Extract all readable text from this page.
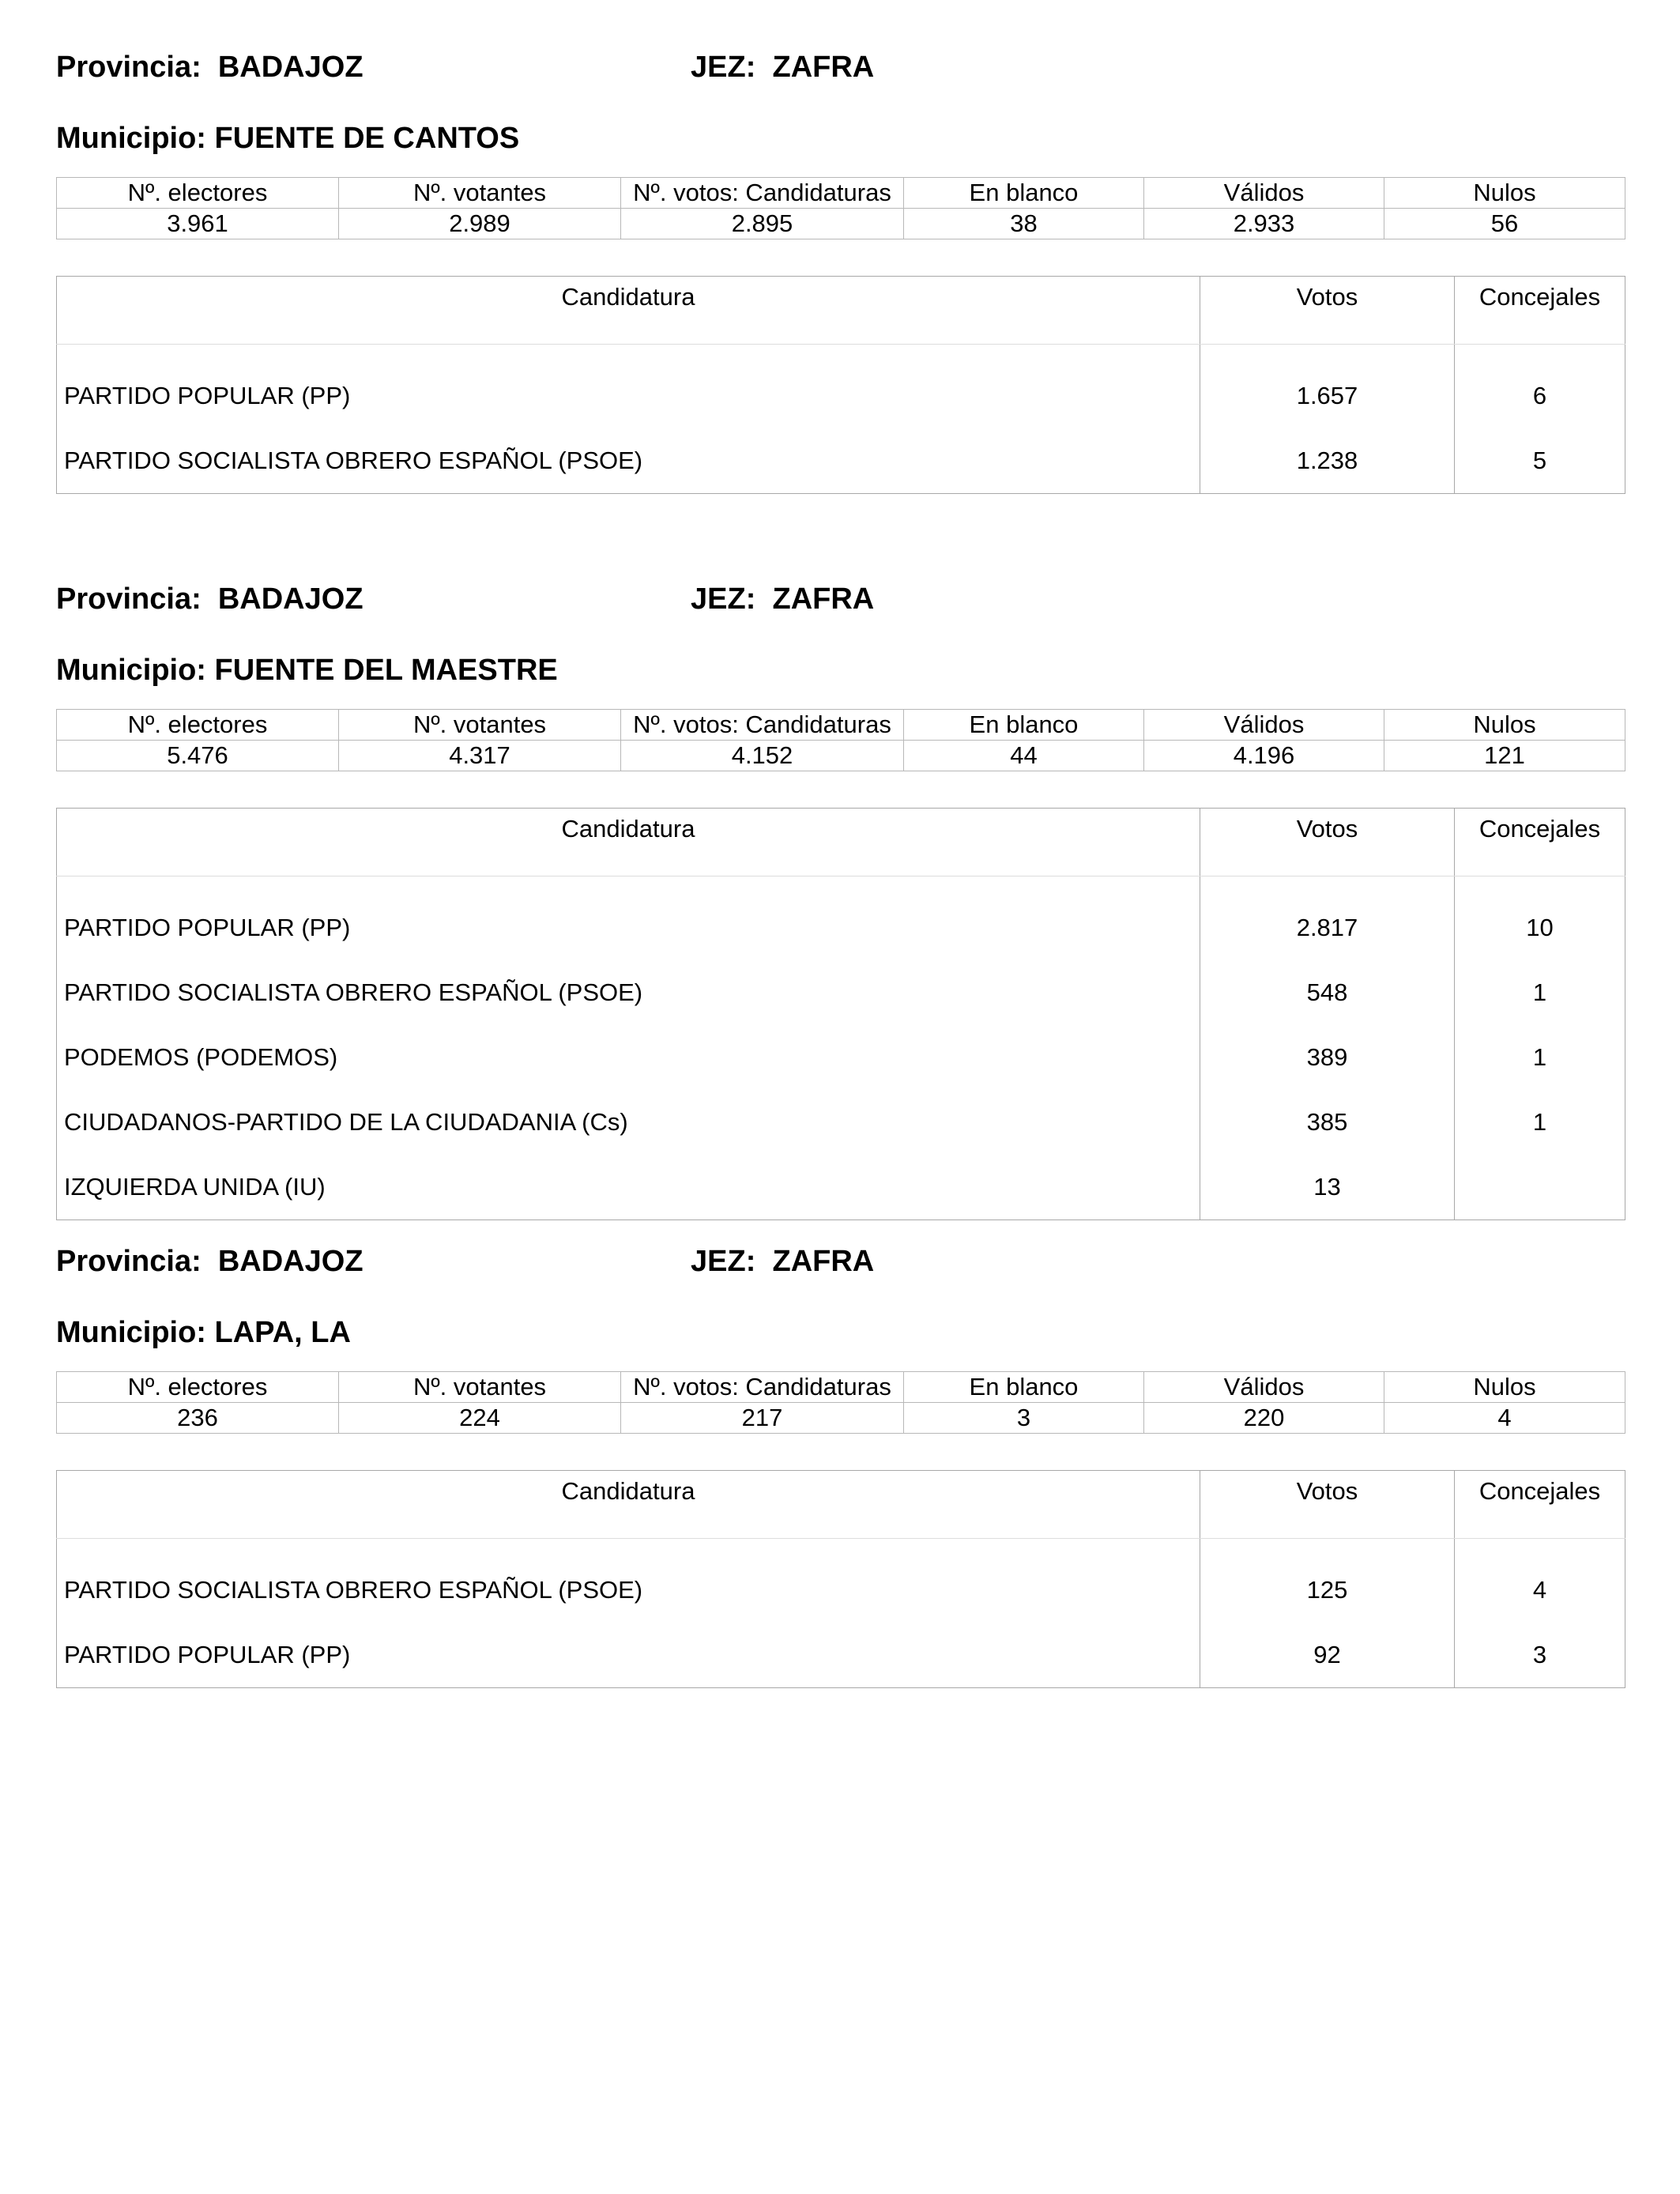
Provincia: BADAJOZ	JEZ: ZAFRA
Municipio: FUENTE DE CANTOS
Nº. electores	Nº. votantes	Nº. votos: Candidaturas	En blanco	Válidos	Nulos
3.961	2.989	2.895	38	2.933	56
Candidatura	Votos	Concejales

PARTIDO POPULAR (PP)	1.657	6
PARTIDO SOCIALISTA OBRERO ESPAÑOL (PSOE)	1.238	5
Provincia: BADAJOZ	JEZ: ZAFRA
Municipio: FUENTE DEL MAESTRE
Nº. electores	Nº. votantes	Nº. votos: Candidaturas	En blanco	Válidos	Nulos
5.476	4.317	4.152	44	4.196	121
Candidatura	Votos	Concejales

PARTIDO POPULAR (PP)	2.817	10
PARTIDO SOCIALISTA OBRERO ESPAÑOL (PSOE)	548	1
PODEMOS (PODEMOS)	389	1
CIUDADANOS-PARTIDO DE LA CIUDADANIA (Cs)	385	1
IZQUIERDA UNIDA (IU)	13	
Provincia: BADAJOZ	JEZ: ZAFRA
Municipio: LAPA, LA
Nº. electores	Nº. votantes	Nº. votos: Candidaturas	En blanco	Válidos	Nulos
236	224	217	3	220	4
Candidatura	Votos	Concejales

PARTIDO SOCIALISTA OBRERO ESPAÑOL (PSOE)	125	4
PARTIDO POPULAR (PP)	92	3
